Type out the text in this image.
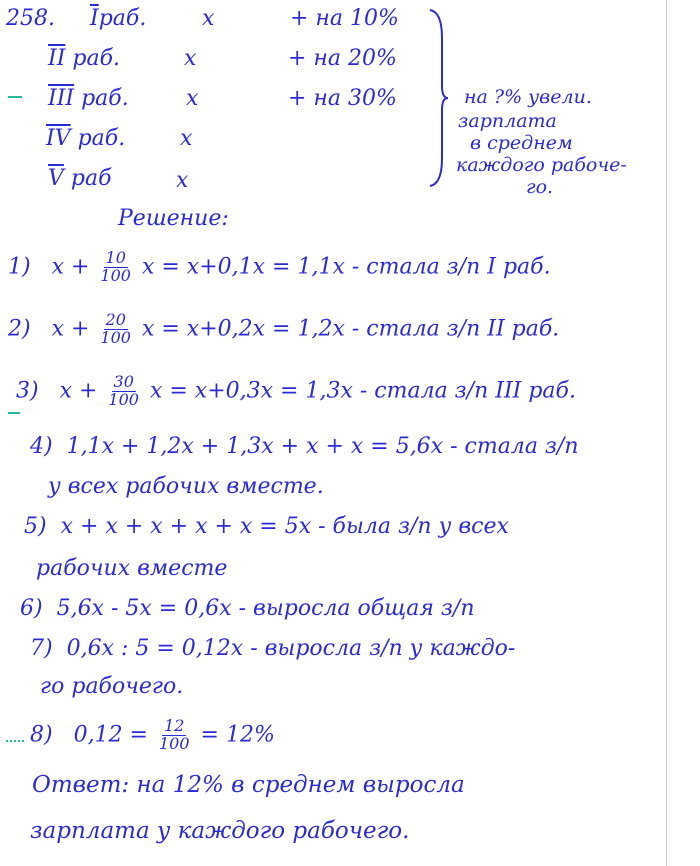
258. $\overline{I}раб$.	x	+ на 10%
$\overline{II}$ раб.	x	+ на 20%
$\overline{III}$ раб.	x	+ на 30%
$\overline{IV}$ раб. x
$\overline{V}$ раб	x
на ?% увели.
зарплата
в среднем
каждого рабоче-
го.
Решение:
1) $x + \frac{10}{100}$ x = x+0,1x = 1,1x - стала з/п I раб.
2) $x + \frac{20}{100}$ x = x+0,2x = 1,2x - стала з/п II раб.
3) $x + \frac{30}{100}$ x = x+0,3x = 1,3x - стала з/п III раб.
4) 1,1x + 1,2x + 1,3x + x + x = 5,6x - стала з/п
у всех рабочих вместе.
5) x + x + x + x + x = 5x - была з/п у всех
рабочих вместе
6) 5,6x - 5x = 0,6x - выросла общая з/п
7) 0,6x : 5 = 0,12x - выросла з/п у каждо-
го рабочего.
8) $0,12 = \frac{12}{100} = 12\%$
Ответ: на 12% в среднем выросла
зарплата у каждого рабочего.
